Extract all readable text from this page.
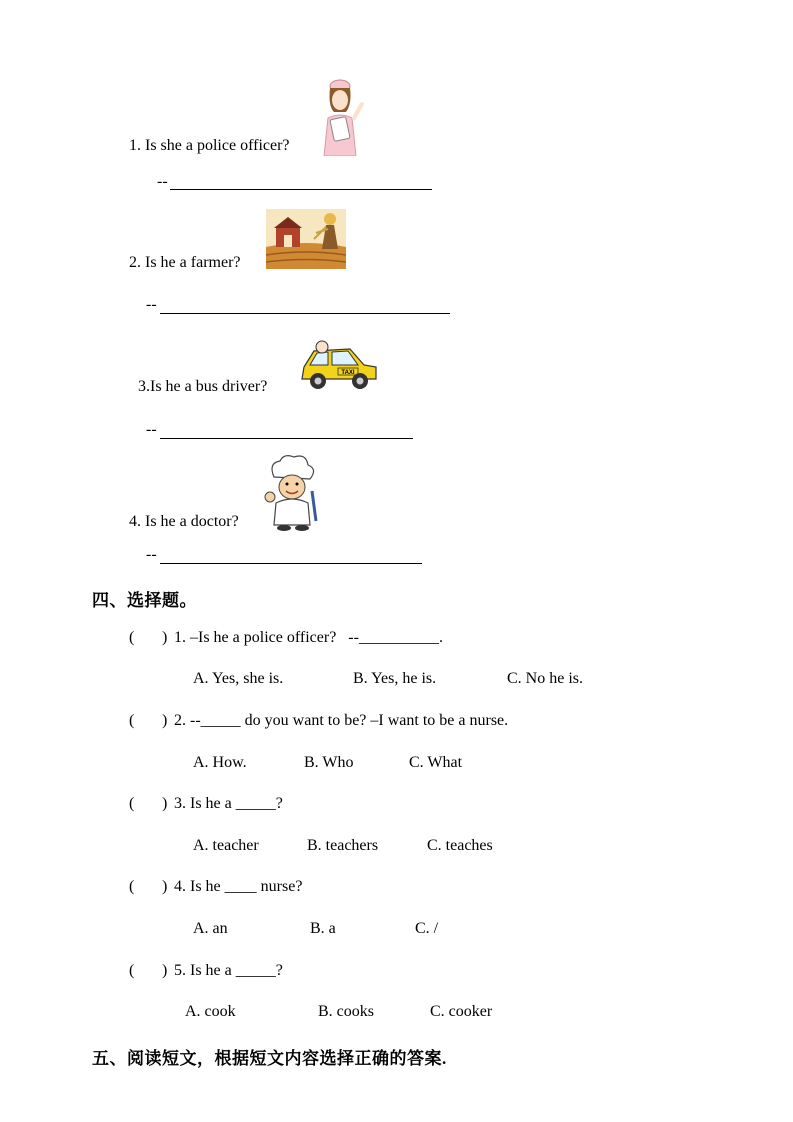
1. Is she a police officer?
--
2. Is he a farmer?
--
TAXI
3.Is he a bus driver?
--
4. Is he a doctor?
--
四、选择题。
( ) 1. –Is he a police officer?   --__________.
A. Yes, she is.	B. Yes, he is.	C. No he is.
( ) 2. --_____ do you want to be? –I want to be a nurse.
A. How.	B. Who	C. What
( ) 3. Is he a _____?
A. teacher	B. teachers	C. teaches
( ) 4. Is he ____ nurse?
A. an	B. a	C. /
( ) 5. Is he a _____?
A. cook	B. cooks	C. cooker
五、阅读短文，根据短文内容选择正确的答案.
